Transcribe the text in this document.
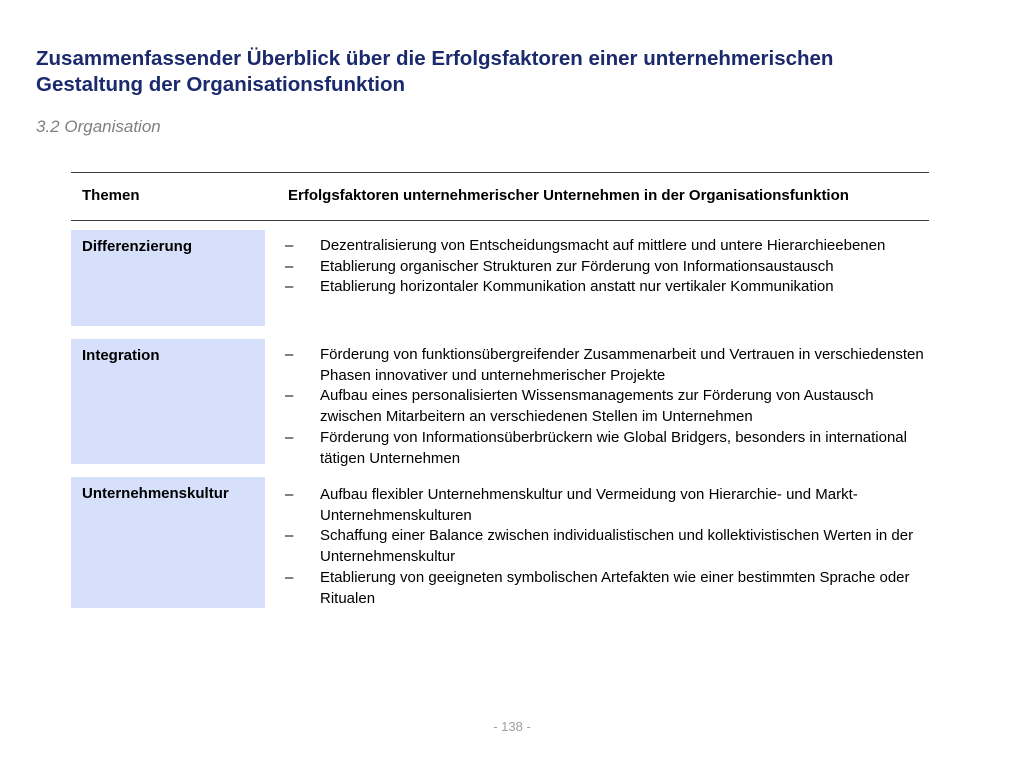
Zusammenfassender Überblick über die Erfolgsfaktoren einer unternehmerischen
Gestaltung der Organisationsfunktion
3.2 Organisation
Themen	Erfolgsfaktoren unternehmerischer Unternehmen in der Organisationsfunktion
Differenzierung	– Dezentralisierung von Entscheidungsmacht auf mittlere und untere Hierarchieebenen
– Etablierung organischer Strukturen zur Förderung von Informationsaustausch
– Etablierung horizontaler Kommunikation anstatt nur vertikaler Kommunikation
Integration	– Förderung von funktionsübergreifender Zusammenarbeit und Vertrauen in verschiedensten Phasen innovativer und unternehmerischer Projekte
– Aufbau eines personalisierten Wissensmanagements zur Förderung von Austausch zwischen Mitarbeitern an verschiedenen Stellen im Unternehmen
– Förderung von Informationsüberbrückern wie Global Bridgers, besonders in international tätigen Unternehmen
Unternehmenskultur	– Aufbau flexibler Unternehmenskultur und Vermeidung von Hierarchie- und Markt-Unternehmenskulturen
– Schaffung einer Balance zwischen individualistischen und kollektivistischen Werten in der Unternehmenskultur
– Etablierung von geeigneten symbolischen Artefakten wie einer bestimmten Sprache oder Ritualen
- 138 -
